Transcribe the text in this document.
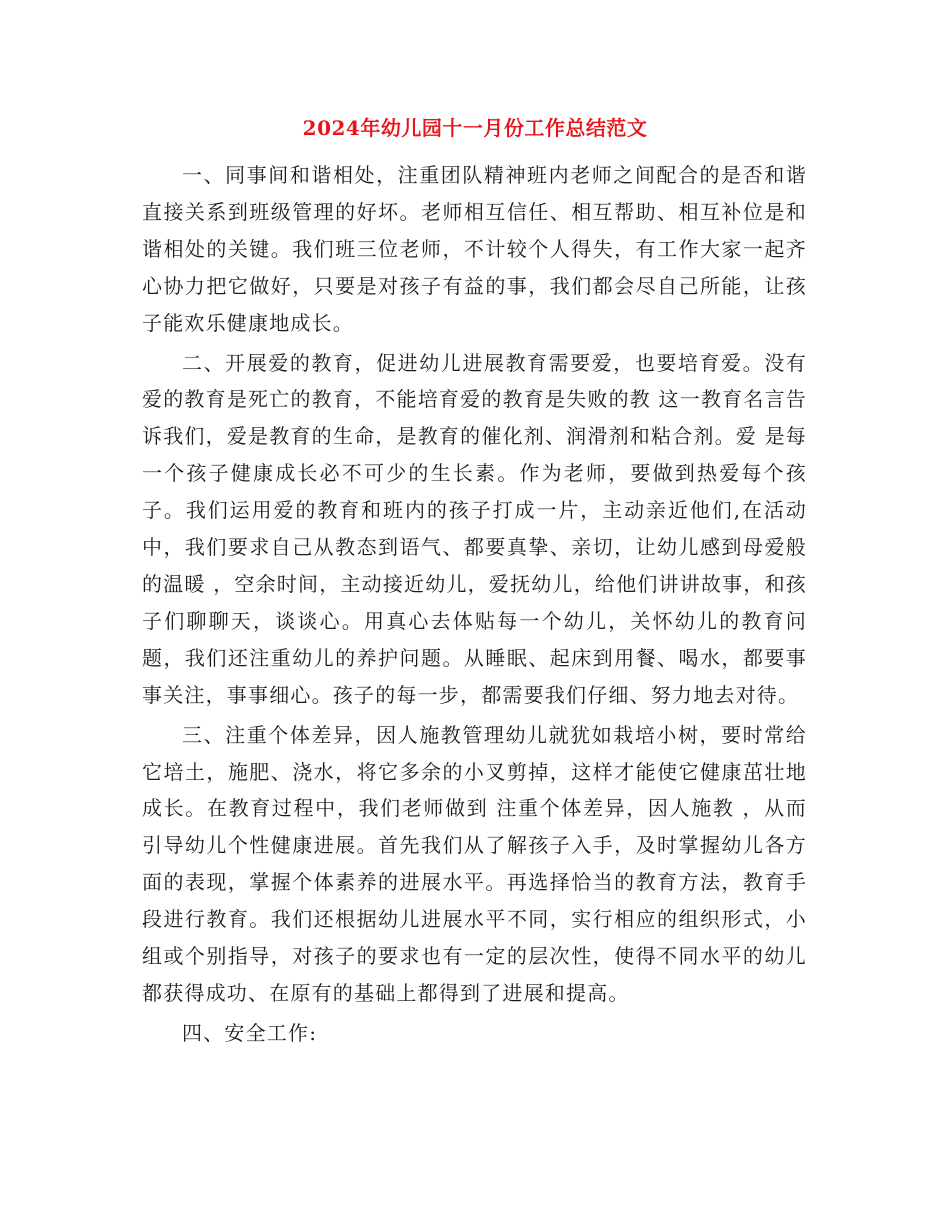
2024年幼儿园十一月份工作总结范文

一、同事间和谐相处，注重团队精神班内老师之间配合的是否和谐直接关系到班级管理的好坏。老师相互信任、相互帮助、相互补位是和谐相处的关键。我们班三位老师，不计较个人得失，有工作大家一起齐心协力把它做好，只要是对孩子有益的事，我们都会尽自己所能，让孩子能欢乐健康地成长。

二、开展爱的教育，促进幼儿进展教育需要爱，也要培育爱。没有爱的教育是死亡的教育，不能培育爱的教育是失败的教 这一教育名言告诉我们，爱是教育的生命，是教育的催化剂、润滑剂和粘合剂。爱 是每一个孩子健康成长必不可少的生长素。作为老师，要做到热爱每个孩子。我们运用爱的教育和班内的孩子打成一片，主动亲近他们,在活动中，我们要求自己从教态到语气、都要真挚、亲切，让幼儿感到母爱般的温暖 ，空余时间，主动接近幼儿，爱抚幼儿，给他们讲讲故事，和孩子们聊聊天，谈谈心。用真心去体贴每一个幼儿，关怀幼儿的教育问题，我们还注重幼儿的养护问题。从睡眠、起床到用餐、喝水，都要事事关注，事事细心。孩子的每一步，都需要我们仔细、努力地去对待。

三、注重个体差异，因人施教管理幼儿就犹如栽培小树，要时常给它培土，施肥、浇水，将它多余的小叉剪掉，这样才能使它健康茁壮地成长。在教育过程中，我们老师做到 注重个体差异，因人施教 ，从而引导幼儿个性健康进展。首先我们从了解孩子入手，及时掌握幼儿各方面的表现，掌握个体素养的进展水平。再选择恰当的教育方法，教育手段进行教育。我们还根据幼儿进展水平不同，实行相应的组织形式，小组或个别指导，对孩子的要求也有一定的层次性，使得不同水平的幼儿都获得成功、在原有的基础上都得到了进展和提高。

四、安全工作:
